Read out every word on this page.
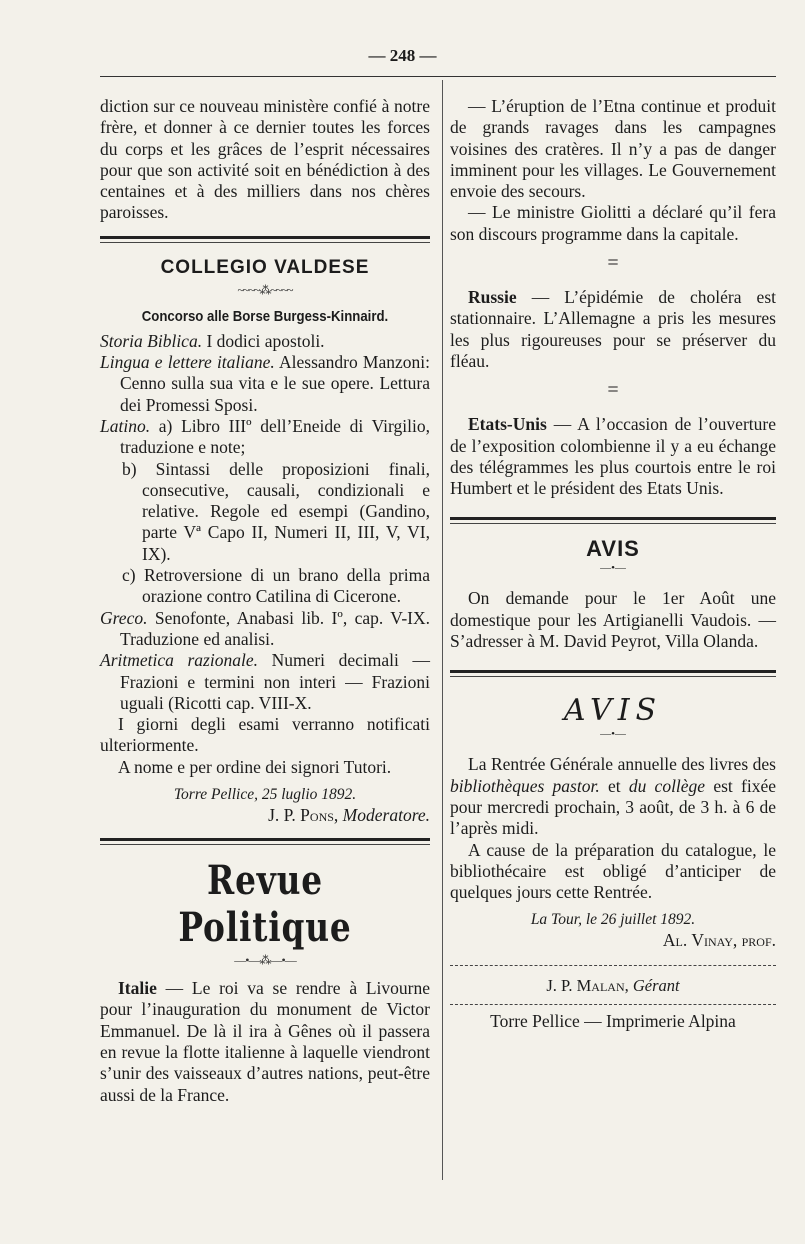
— 248 —

diction sur ce nouveau ministère confié à notre frère, et donner à ce dernier toutes les forces du corps et les grâces de l’esprit nécessaires pour que son activité soit en bénédiction à des centaines et à des milliers dans nos chères paroisses.

COLLEGIO VALDESE
~~~~⁂~~~~
Concorso alle Borse Burgess-Kinnaird.

Storia Biblica. I dodici apostoli.

Lingua e lettere italiane. Alessandro Manzoni: Cenno sulla sua vita e le sue opere. Lettura dei Promessi Sposi.

Latino. a) Libro IIIº dell’Eneide di Virgilio, traduzione e note;

b) Sintassi delle proposizioni finali, consecutive, causali, condizionali e relative. Regole ed esempi (Gandino, parte Vª Capo II, Numeri II, III, V, VI, IX).

c) Retroversione di un brano della prima orazione contro Catilina di Cicerone.

Greco. Senofonte, Anabasi lib. Iº, cap. V-IX. Traduzione ed analisi.

Aritmetica razionale. Numeri decimali — Frazioni e termini non interi — Frazioni uguali (Ricotti cap. VIII-X.

I giorni degli esami verranno notificati ulteriormente.

A nome e per ordine dei signori Tutori.

Torre Pellice, 25 luglio 1892.
J. P. Pons, Moderatore.
Revue Politique
—•—⁂—•—

Italie — Le roi va se rendre à Livourne pour l’inauguration du monument de Victor Emmanuel. De là il ira à Gênes où il passera en revue la flotte italienne à laquelle viendront s’unir des vaisseaux d’autres nations, peut-être aussi de la France.

— L’éruption de l’Etna continue et produit de grands ravages dans les campagnes voisines des cratères. Il n’y a pas de danger imminent pour les villages. Le Gouvernement envoie des secours.

— Le ministre Giolitti a déclaré qu’il fera son discours programme dans la capitale.

=

Russie — L’épidémie de choléra est stationnaire. L’Allemagne a pris les mesures les plus rigoureuses pour se préserver du fléau.

=

Etats-Unis — A l’occasion de l’ouverture de l’exposition colombienne il y a eu échange des télégrammes les plus courtois entre le roi Humbert et le président des Etats Unis.

AVIS
—•—

On demande pour le 1er Août une domestique pour les Artigianelli Vaudois. — S’adresser à M. David Peyrot, Villa Olanda.

AVIS
—•—

La Rentrée Générale annuelle des livres des bibliothèques pastor. et du collège est fixée pour mercredi prochain, 3 août, de 3 h. à 6 de l’après midi.

A cause de la préparation du catalogue, le bibliothécaire est obligé d’anticiper de quelques jours cette Rentrée.

La Tour, le 26 juillet 1892.
Al. Vinay, prof.
J. P. Malan, Gérant
Torre Pellice — Imprimerie Alpina
